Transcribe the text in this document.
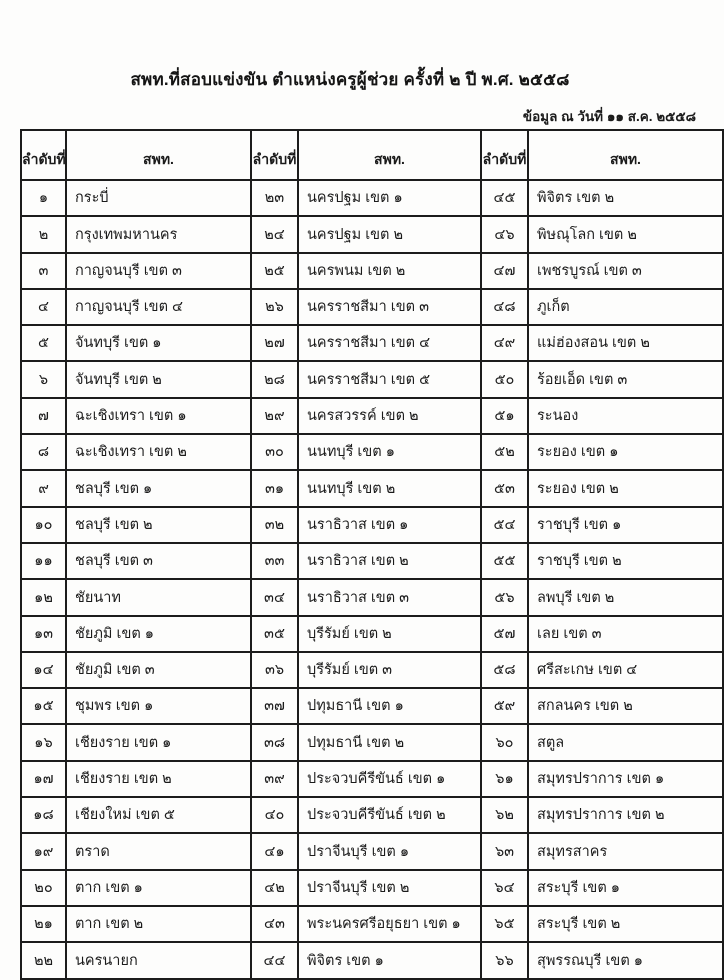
สพท.ที่สอบแข่งขัน ตำแหน่งครูผู้ช่วย ครั้งที่ ๒ ปี พ.ศ. ๒๕๕๘
ข้อมูล ณ วันที่ ๑๑ ส.ค. ๒๕๕๘
ลำดับที่	สพท.	ลำดับที่	สพท.	ลำดับที่	สพท.
๑	กระบี่	๒๓	นครปฐม เขต ๑	๔๕	พิจิตร เขต ๒
๒	กรุงเทพมหานคร	๒๔	นครปฐม เขต ๒	๔๖	พิษณุโลก เขต ๒
๓	กาญจนบุรี เขต ๓	๒๕	นครพนม เขต ๒	๔๗	เพชรบูรณ์ เขต ๓
๔	กาญจนบุรี เขต ๔	๒๖	นครราชสีมา เขต ๓	๔๘	ภูเก็ต
๕	จันทบุรี เขต ๑	๒๗	นครราชสีมา เขต ๔	๔๙	แม่ฮ่องสอน เขต ๒
๖	จันทบุรี เขต ๒	๒๘	นครราชสีมา เขต ๕	๕๐	ร้อยเอ็ด เขต ๓
๗	ฉะเชิงเทรา เขต ๑	๒๙	นครสวรรค์ เขต ๒	๕๑	ระนอง
๘	ฉะเชิงเทรา เขต ๒	๓๐	นนทบุรี เขต ๑	๕๒	ระยอง เขต ๑
๙	ชลบุรี เขต ๑	๓๑	นนทบุรี เขต ๒	๕๓	ระยอง เขต ๒
๑๐	ชลบุรี เขต ๒	๓๒	นราธิวาส เขต ๑	๕๔	ราชบุรี เขต ๑
๑๑	ชลบุรี เขต ๓	๓๓	นราธิวาส เขต ๒	๕๕	ราชบุรี เขต ๒
๑๒	ชัยนาท	๓๔	นราธิวาส เขต ๓	๕๖	ลพบุรี เขต ๒
๑๓	ชัยภูมิ เขต ๑	๓๕	บุรีรัมย์ เขต ๒	๕๗	เลย เขต ๓
๑๔	ชัยภูมิ เขต ๓	๓๖	บุรีรัมย์ เขต ๓	๕๘	ศรีสะเกษ เขต ๔
๑๕	ชุมพร เขต ๑	๓๗	ปทุมธานี เขต ๑	๕๙	สกลนคร เขต ๒
๑๖	เชียงราย เขต ๑	๓๘	ปทุมธานี เขต ๒	๖๐	สตูล
๑๗	เชียงราย เขต ๒	๓๙	ประจวบคีรีขันธ์ เขต ๑	๖๑	สมุทรปราการ เขต ๑
๑๘	เชียงใหม่ เขต ๕	๔๐	ประจวบคีรีขันธ์ เขต ๒	๖๒	สมุทรปราการ เขต ๒
๑๙	ตราด	๔๑	ปราจีนบุรี เขต ๑	๖๓	สมุทรสาคร
๒๐	ตาก เขต ๑	๔๒	ปราจีนบุรี เขต ๒	๖๔	สระบุรี เขต ๑
๒๑	ตาก เขต ๒	๔๓	พระนครศรีอยุธยา เขต ๑	๖๕	สระบุรี เขต ๒
๒๒	นครนายก	๔๔	พิจิตร เขต ๑	๖๖	สุพรรณบุรี เขต ๑
